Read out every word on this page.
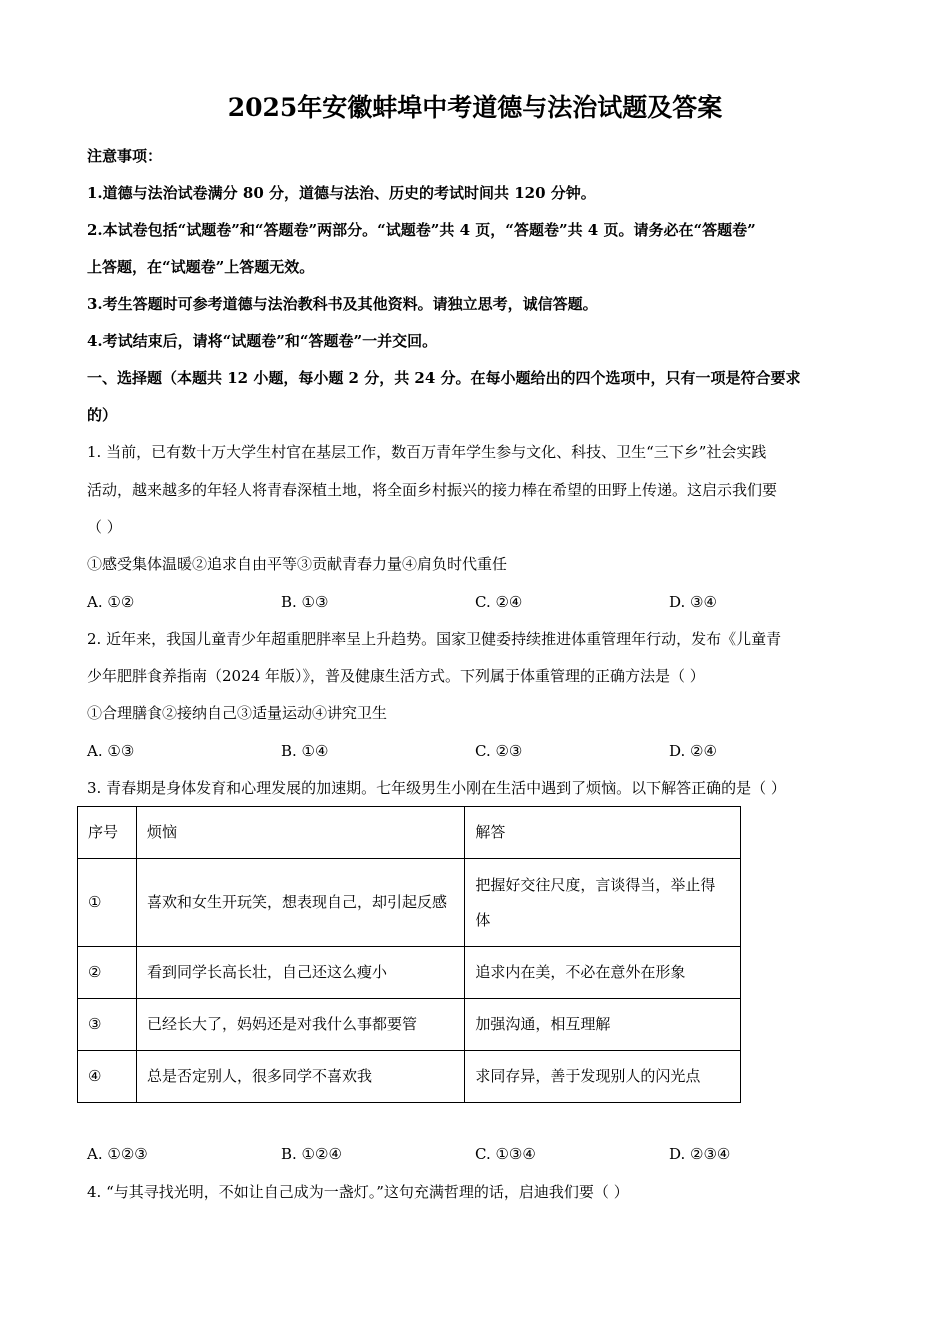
2025年安徽蚌埠中考道德与法治试题及答案
注意事项：
1.道德与法治试卷满分 80 分，道德与法治、历史的考试时间共 120 分钟。
2.本试卷包括“试题卷”和“答题卷”两部分。“试题卷”共 4 页，“答题卷”共 4 页。请务必在“答题卷”
上答题，在“试题卷”上答题无效。
3.考生答题时可参考道德与法治教科书及其他资料。请独立思考，诚信答题。
4.考试结束后，请将“试题卷”和“答题卷”一并交回。
一、选择题（本题共 12 小题，每小题 2 分，共 24 分。在每小题给出的四个选项中，只有一项是符合要求
的）
1. 当前，已有数十万大学生村官在基层工作，数百万青年学生参与文化、科技、卫生“三下乡”社会实践
活动，越来越多的年轻人将青春深植土地，将全面乡村振兴的接力棒在希望的田野上传递。这启示我们要
（ ）
①感受集体温暖②追求自由平等③贡献青春力量④肩负时代重任
A. ①②	B. ①③	C. ②④	D. ③④
2. 近年来，我国儿童青少年超重肥胖率呈上升趋势。国家卫健委持续推进体重管理年行动，发布《儿童青
少年肥胖食养指南（2024 年版）》，普及健康生活方式。下列属于体重管理的正确方法是（ ）
①合理膳食②接纳自己③适量运动④讲究卫生
A. ①③	B. ①④	C. ②③	D. ②④
3. 青春期是身体发育和心理发展的加速期。七年级男生小刚在生活中遇到了烦恼。以下解答正确的是（ ）
序号	烦恼	解答
①	喜欢和女生开玩笑，想表现自己，却引起反感	把握好交往尺度，言谈得当，举止得体
②	看到同学长高长壮，自己还这么瘦小	追求内在美，不必在意外在形象
③	已经长大了，妈妈还是对我什么事都要管	加强沟通，相互理解
④	总是否定别人，很多同学不喜欢我	求同存异，善于发现别人的闪光点
A. ①②③	B. ①②④	C. ①③④	D. ②③④
4. “与其寻找光明，不如让自己成为一盏灯。”这句充满哲理的话，启迪我们要（ ）
